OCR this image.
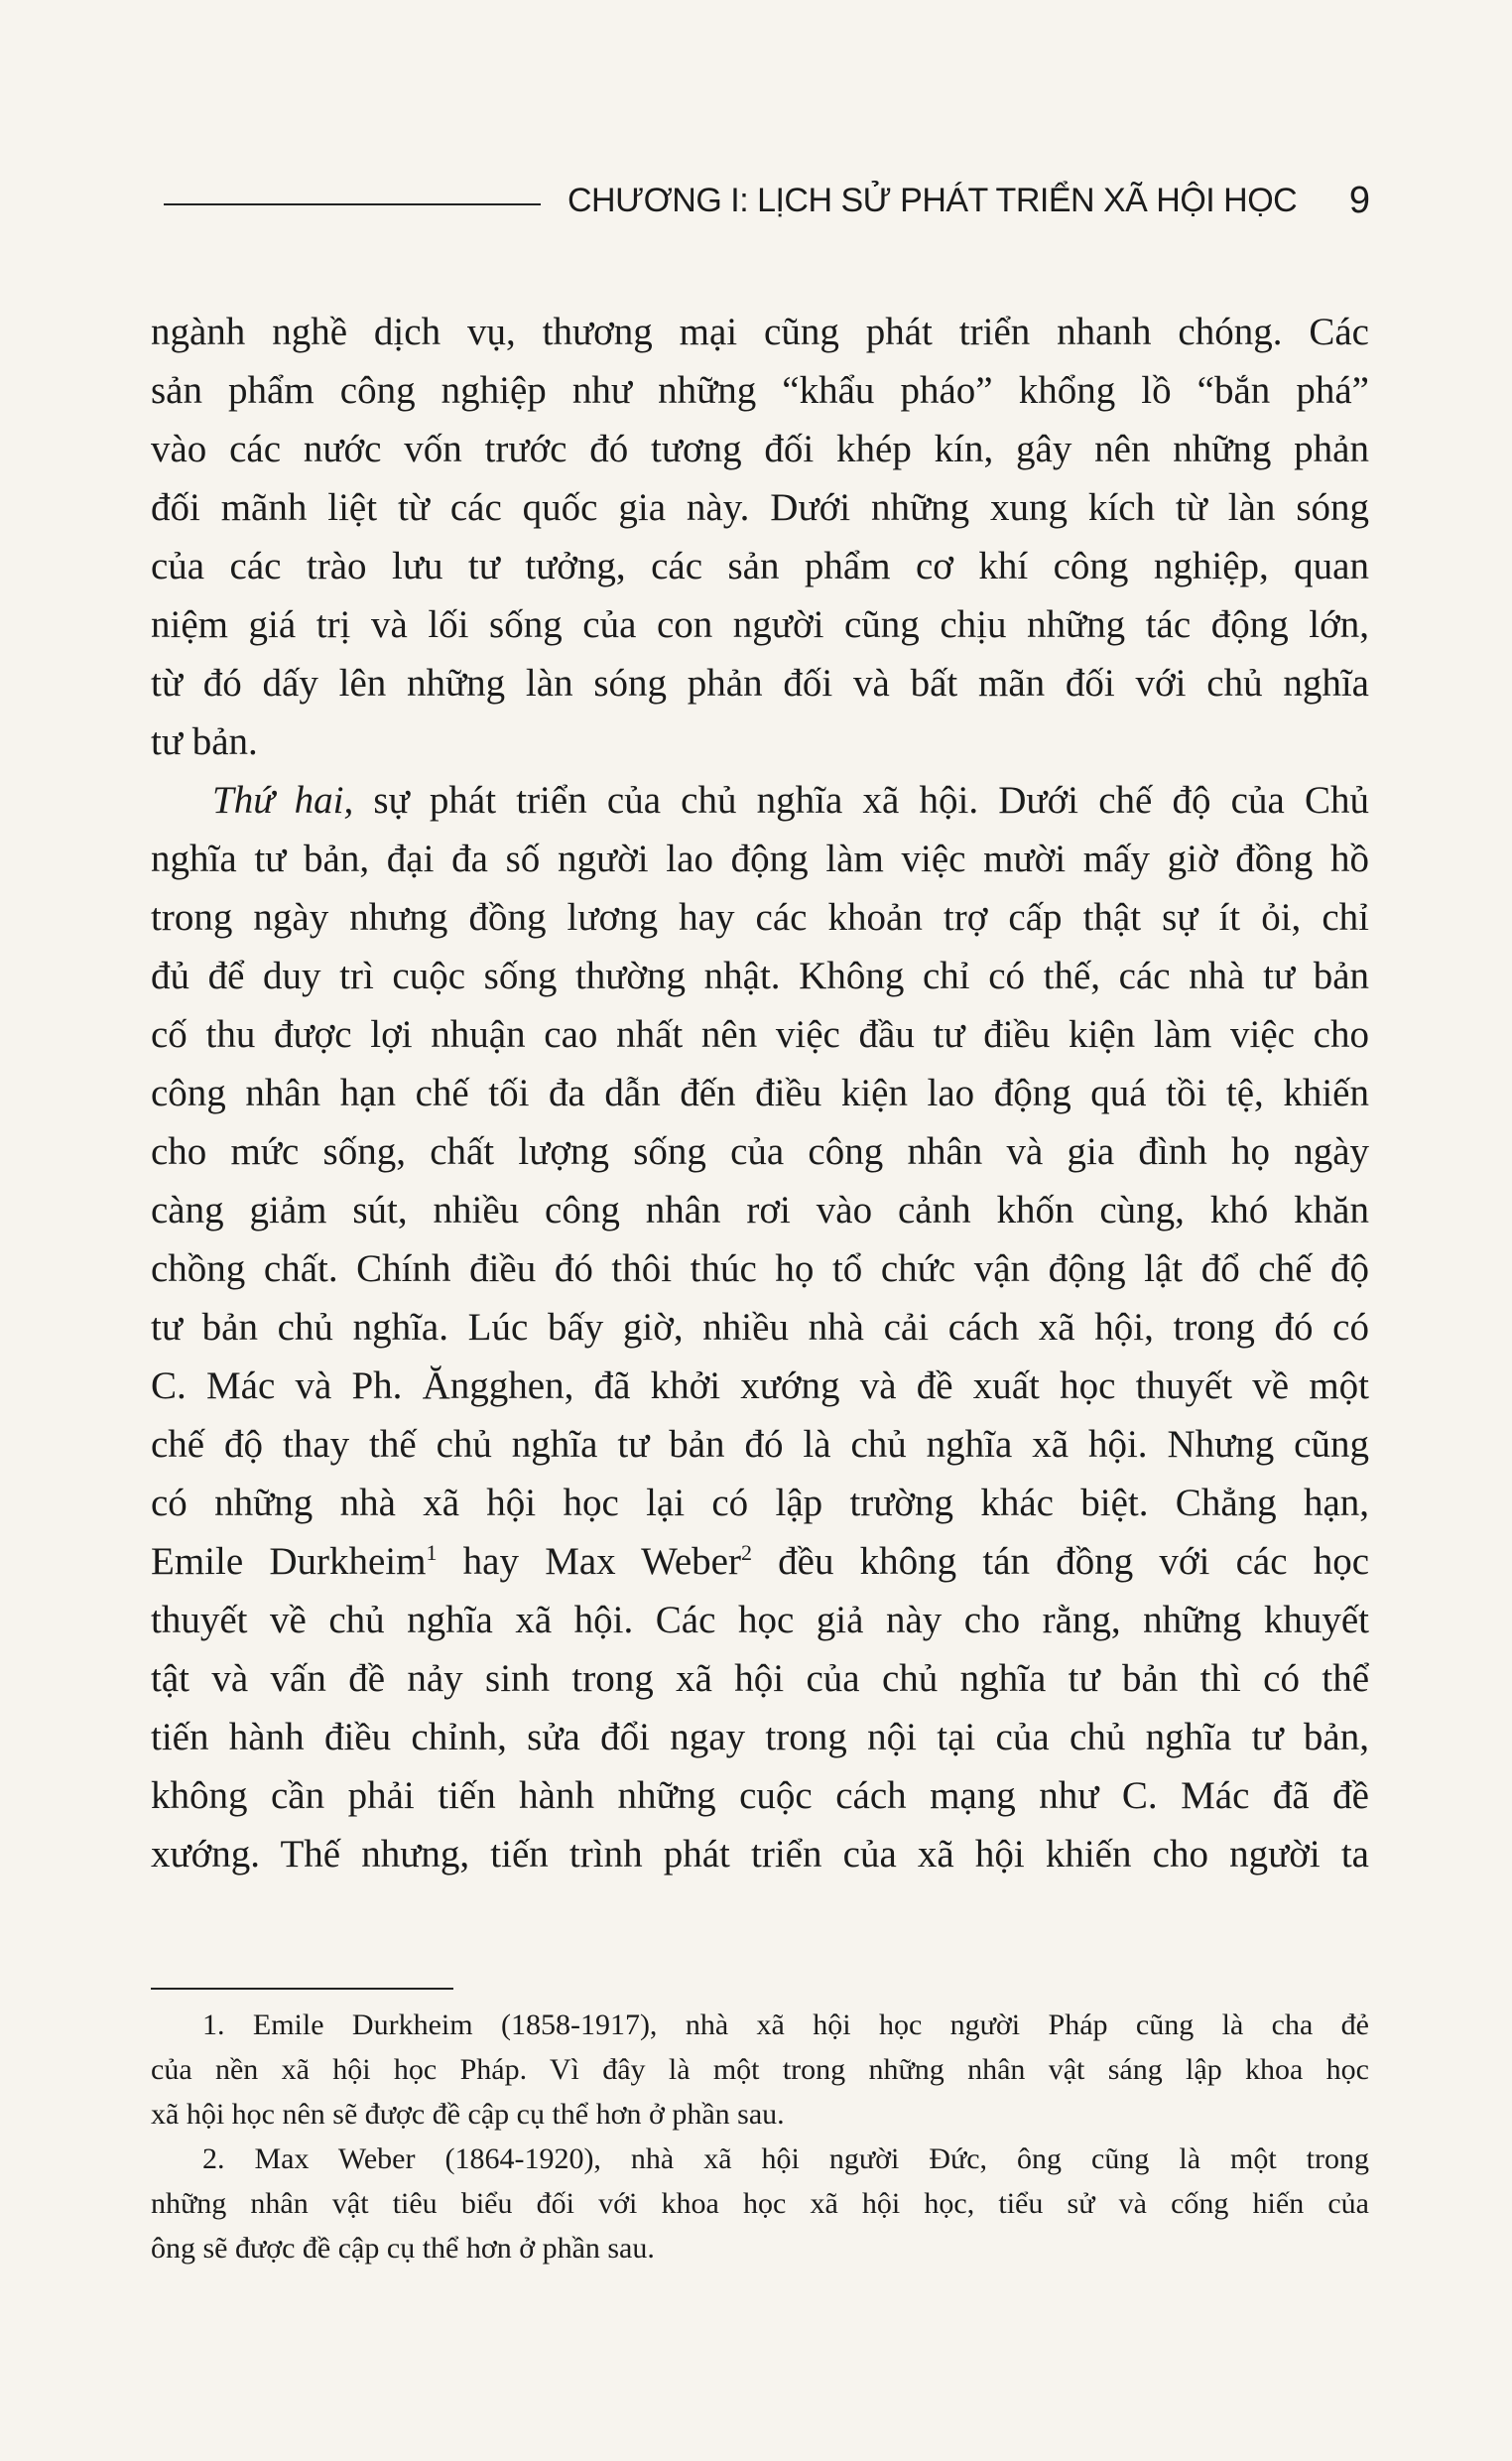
CHƯƠNG I: LỊCH SỬ PHÁT TRIỂN XÃ HỘI HỌC 9
ngành nghề dịch vụ, thương mại cũng phát triển nhanh chóng. Các
sản phẩm công nghiệp như những “khẩu pháo” khổng lồ “bắn phá”
vào các nước vốn trước đó tương đối khép kín, gây nên những phản
đối mãnh liệt từ các quốc gia này. Dưới những xung kích từ làn sóng
của các trào lưu tư tưởng, các sản phẩm cơ khí công nghiệp, quan
niệm giá trị và lối sống của con người cũng chịu những tác động lớn,
từ đó dấy lên những làn sóng phản đối và bất mãn đối với chủ nghĩa
tư bản.
Thứ hai, sự phát triển của chủ nghĩa xã hội. Dưới chế độ của Chủ
nghĩa tư bản, đại đa số người lao động làm việc mười mấy giờ đồng hồ
trong ngày nhưng đồng lương hay các khoản trợ cấp thật sự ít ỏi, chỉ
đủ để duy trì cuộc sống thường nhật. Không chỉ có thế, các nhà tư bản
cố thu được lợi nhuận cao nhất nên việc đầu tư điều kiện làm việc cho
công nhân hạn chế tối đa dẫn đến điều kiện lao động quá tồi tệ, khiến
cho mức sống, chất lượng sống của công nhân và gia đình họ ngày
càng giảm sút, nhiều công nhân rơi vào cảnh khốn cùng, khó khăn
chồng chất. Chính điều đó thôi thúc họ tổ chức vận động lật đổ chế độ
tư bản chủ nghĩa. Lúc bấy giờ, nhiều nhà cải cách xã hội, trong đó có
C. Mác và Ph. Ăngghen, đã khởi xướng và đề xuất học thuyết về một
chế độ thay thế chủ nghĩa tư bản đó là chủ nghĩa xã hội. Nhưng cũng
có những nhà xã hội học lại có lập trường khác biệt. Chẳng hạn,
Emile Durkheim$^1$ hay Max Weber$^2$ đều không tán đồng với các học
thuyết về chủ nghĩa xã hội. Các học giả này cho rằng, những khuyết
tật và vấn đề nảy sinh trong xã hội của chủ nghĩa tư bản thì có thể
tiến hành điều chỉnh, sửa đổi ngay trong nội tại của chủ nghĩa tư bản,
không cần phải tiến hành những cuộc cách mạng như C. Mác đã đề
xướng. Thế nhưng, tiến trình phát triển của xã hội khiến cho người ta
1. Emile Durkheim (1858-1917), nhà xã hội học người Pháp cũng là cha đẻ
của nền xã hội học Pháp. Vì đây là một trong những nhân vật sáng lập khoa học
xã hội học nên sẽ được đề cập cụ thể hơn ở phần sau.
2. Max Weber (1864-1920), nhà xã hội người Đức, ông cũng là một trong
những nhân vật tiêu biểu đối với khoa học xã hội học, tiểu sử và cống hiến của
ông sẽ được đề cập cụ thể hơn ở phần sau.
